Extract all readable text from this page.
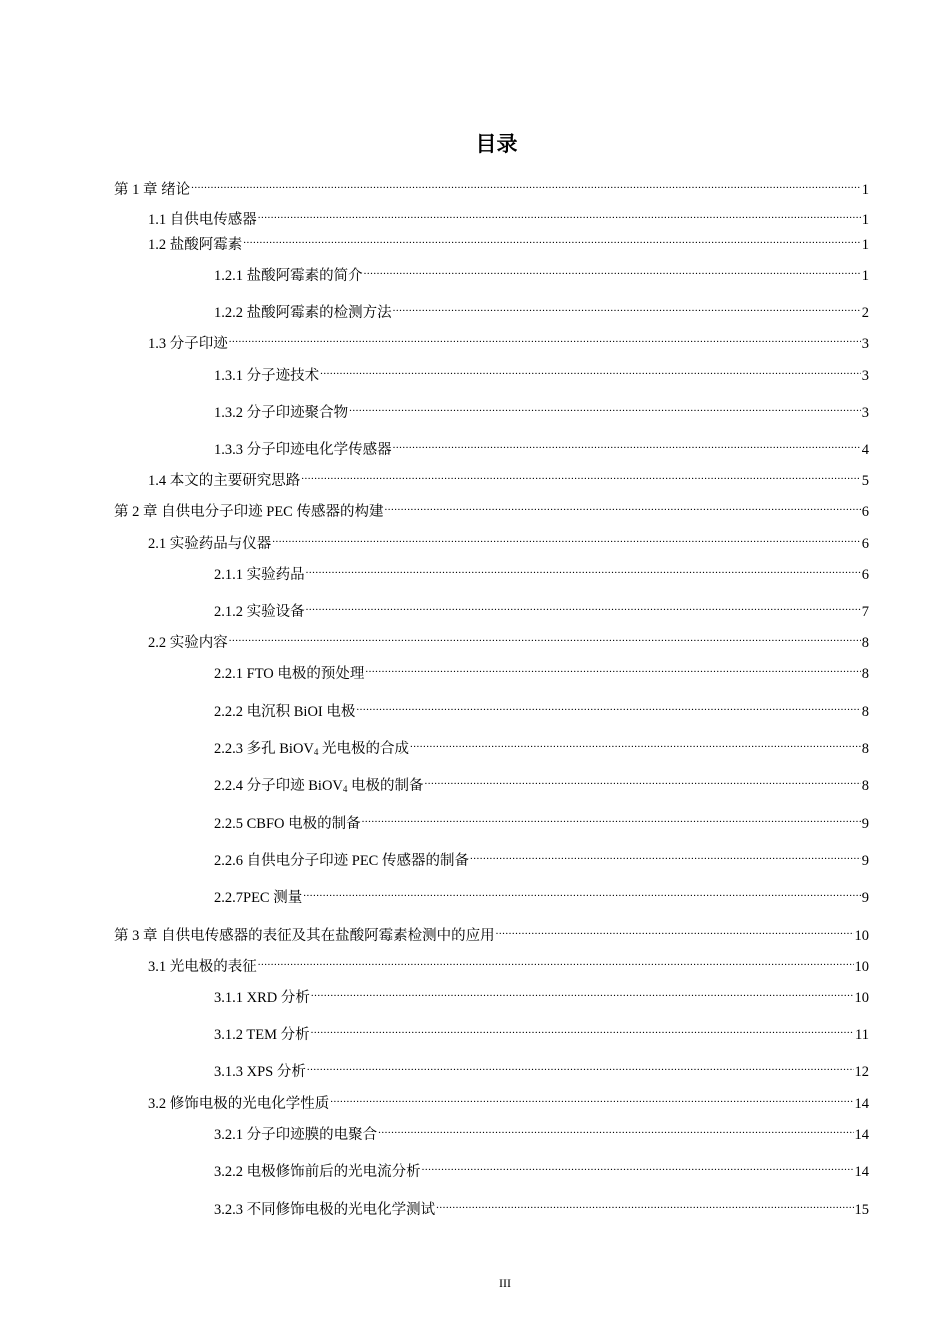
目录
第 1 章 绪论 .....	1
1.1 自供电传感器 .....	1
1.2 盐酸阿霉素 .....	1
1.2.1 盐酸阿霉素的简介 .....	1
1.2.2 盐酸阿霉素的检测方法 .....	2
1.3 分子印迹 .....	3
1.3.1 分子迹技术 .....	3
1.3.2 分子印迹聚合物 .....	3
1.3.3 分子印迹电化学传感器 .....	4
1.4 本文的主要研究思路 .....	5
第 2 章 自供电分子印迹 PEC 传感器的构建 .....	6
2.1 实验药品与仪器 .....	6
2.1.1 实验药品 .....	6
2.1.2 实验设备 .....	7
2.2 实验内容 .....	8
2.2.1 FTO 电极的预处理 .....	8
2.2.2 电沉积 BiOI 电极 .....	8
2.2.3 多孔 BiOV$_4$ 光电极的合成 .....	8
2.2.4 分子印迹 BiOV$_4$ 电极的制备 .....	8
2.2.5 CBFO 电极的制备 .....	9
2.2.6 自供电分子印迹 PEC 传感器的制备 .....	9
2.2.7PEC 测量 .....	9
第 3 章 自供电传感器的表征及其在盐酸阿霉素检测中的应用 .....	10
3.1 光电极的表征 .....	10
3.1.1 XRD 分析 .....	10
3.1.2 TEM 分析 .....	11
3.1.3 XPS 分析 .....	12
3.2 修饰电极的光电化学性质 .....	14
3.2.1 分子印迹膜的电聚合 .....	14
3.2.2 电极修饰前后的光电流分析 .....	14
3.2.3 不同修饰电极的光电化学测试 .....	15
III
